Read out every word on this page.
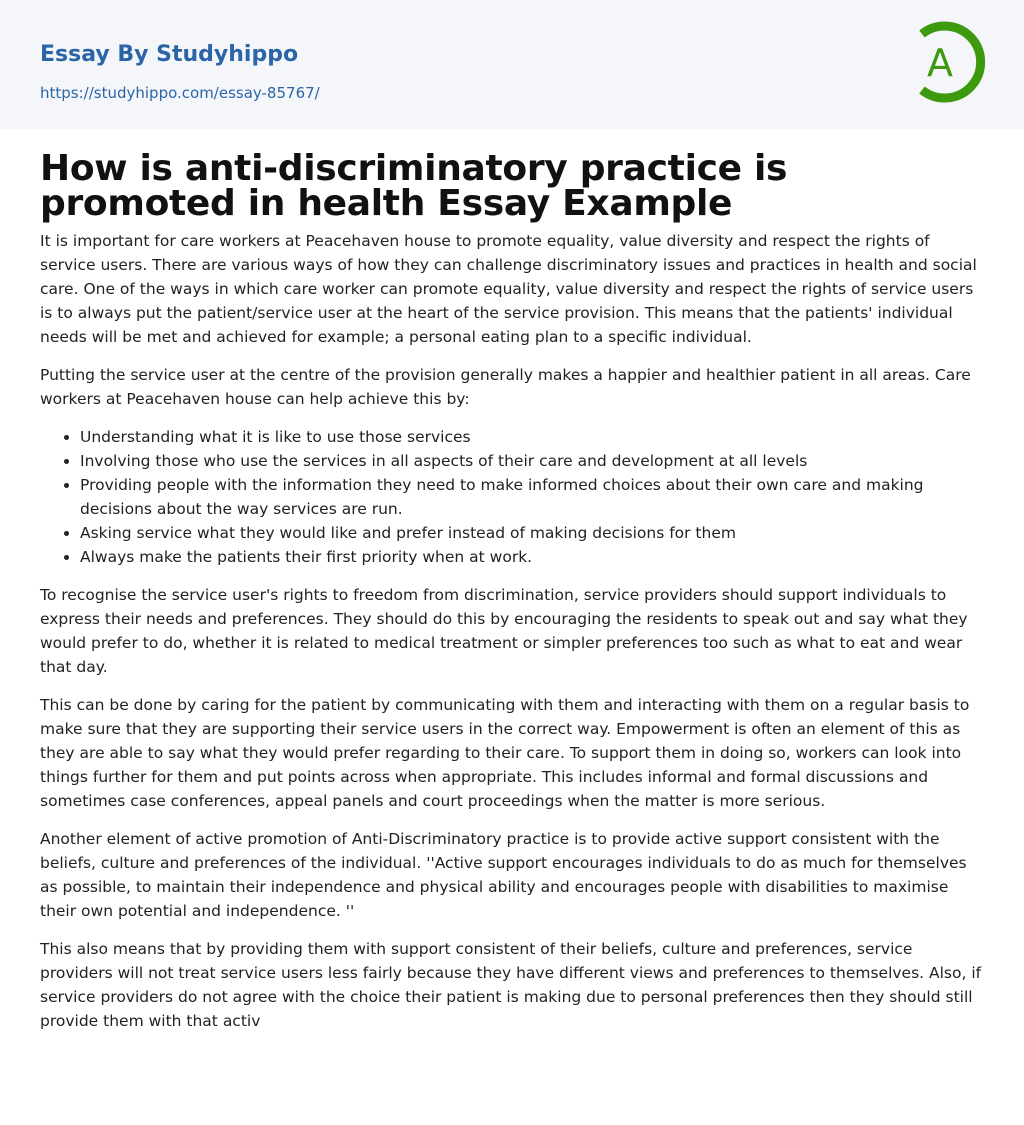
Essay By Studyhippo
https://studyhippo.com/essay-85767/
A
How is anti-discriminatory practice is promoted in health Essay Example

It is important for care workers at Peacehaven house to promote equality, value diversity and respect the rights of service users. There are various ways of how they can challenge discriminatory issues and practices in health and social care. One of the ways in which care worker can promote equality, value diversity and respect the rights of service users is to always put the patient/service user at the heart of the service provision. This means that the patients' individual needs will be met and achieved for example; a personal eating plan to a specific individual.

Putting the service user at the centre of the provision generally makes a happier and healthier patient in all areas. Care workers at Peacehaven house can help achieve this by:

• Understanding what it is like to use those services
• Involving those who use the services in all aspects of their care and development at all levels
• Providing people with the information they need to make informed choices about their own care and making decisions about the way services are run.
• Asking service what they would like and prefer instead of making decisions for them
• Always make the patients their first priority when at work.

To recognise the service user's rights to freedom from discrimination, service providers should support individuals to express their needs and preferences. They should do this by encouraging the residents to speak out and say what they would prefer to do, whether it is related to medical treatment or simpler preferences too such as what to eat and wear that day.

This can be done by caring for the patient by communicating with them and interacting with them on a regular basis to make sure that they are supporting their service users in the correct way. Empowerment is often an element of this as they are able to say what they would prefer regarding to their care. To support them in doing so, workers can look into things further for them and put points across when appropriate. This includes informal and formal discussions and sometimes case conferences, appeal panels and court proceedings when the matter is more serious.

Another element of active promotion of Anti-Discriminatory practice is to provide active support consistent with the beliefs, culture and preferences of the individual. ''Active support encourages individuals to do as much for themselves as possible, to maintain their independence and physical ability and encourages people with disabilities to maximise their own potential and independence. ''

This also means that by providing them with support consistent of their beliefs, culture and preferences, service providers will not treat service users less fairly because they have different views and preferences to themselves. Also, if service providers do not agree with the choice their patient is making due to personal preferences then they should still provide them with that activ
